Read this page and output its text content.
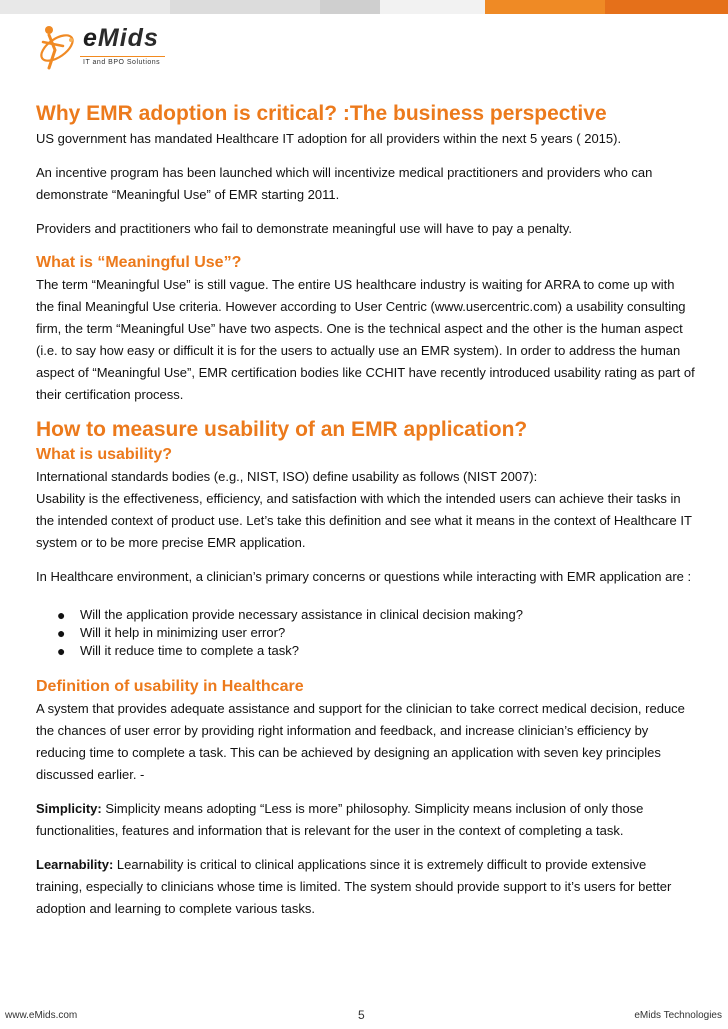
eMids
IT and BPO Solutions
Why EMR adoption is critical? :The business perspective

US government has mandated Healthcare IT adoption for all providers within the next 5 years ( 2015).

An incentive program has been launched which will incentivize medical practitioners and providers who can demonstrate “Meaningful Use” of EMR starting 2011.

Providers and practitioners who fail to demonstrate meaningful use will have to pay a penalty.

What is “Meaningful Use”?

The term “Meaningful Use” is still vague. The entire US healthcare industry is waiting for ARRA to come up with the final Meaningful Use criteria. However according to User Centric (www.usercentric.com) a usability consulting firm, the term “Meaningful Use” have two aspects. One is the technical aspect and the other is the human aspect (i.e. to say how easy or difficult it is for the users to actually use an EMR system). In order to address the human aspect of “Meaningful Use”, EMR certification bodies like CCHIT have recently introduced usability rating as part of their certification process.

How to measure usability of an EMR application?
What is usability?

International standards bodies (e.g., NIST, ISO) define usability as follows (NIST 2007):

Usability is the effectiveness, efficiency, and satisfaction with which the intended users can achieve their tasks in the intended context of product use. Let’s take this definition and see what it means in the context of Healthcare IT system or to be more precise EMR application.

In Healthcare environment, a clinician’s primary concerns or questions while interacting with EMR application are :

● Will the application provide necessary assistance in clinical decision making?
● Will it help in minimizing user error?
● Will it reduce time to complete a task?
Definition of usability in Healthcare

A system that provides adequate assistance and support for the clinician to take correct medical decision, reduce the chances of user error by providing right information and feedback, and increase clinician’s efficiency by reducing time to complete a task. This can be achieved by designing an application with seven key principles discussed earlier. -

Simplicity: Simplicity means adopting “Less is more” philosophy. Simplicity means inclusion of only those functionalities, features and information that is relevant for the user in the context of completing a task.

Learnability: Learnability is critical to clinical applications since it is extremely difficult to provide extensive training, especially to clinicians whose time is limited. The system should provide support to it’s users for better adoption and learning to complete various tasks.

www.eMids.com	5	eMids Technologies
